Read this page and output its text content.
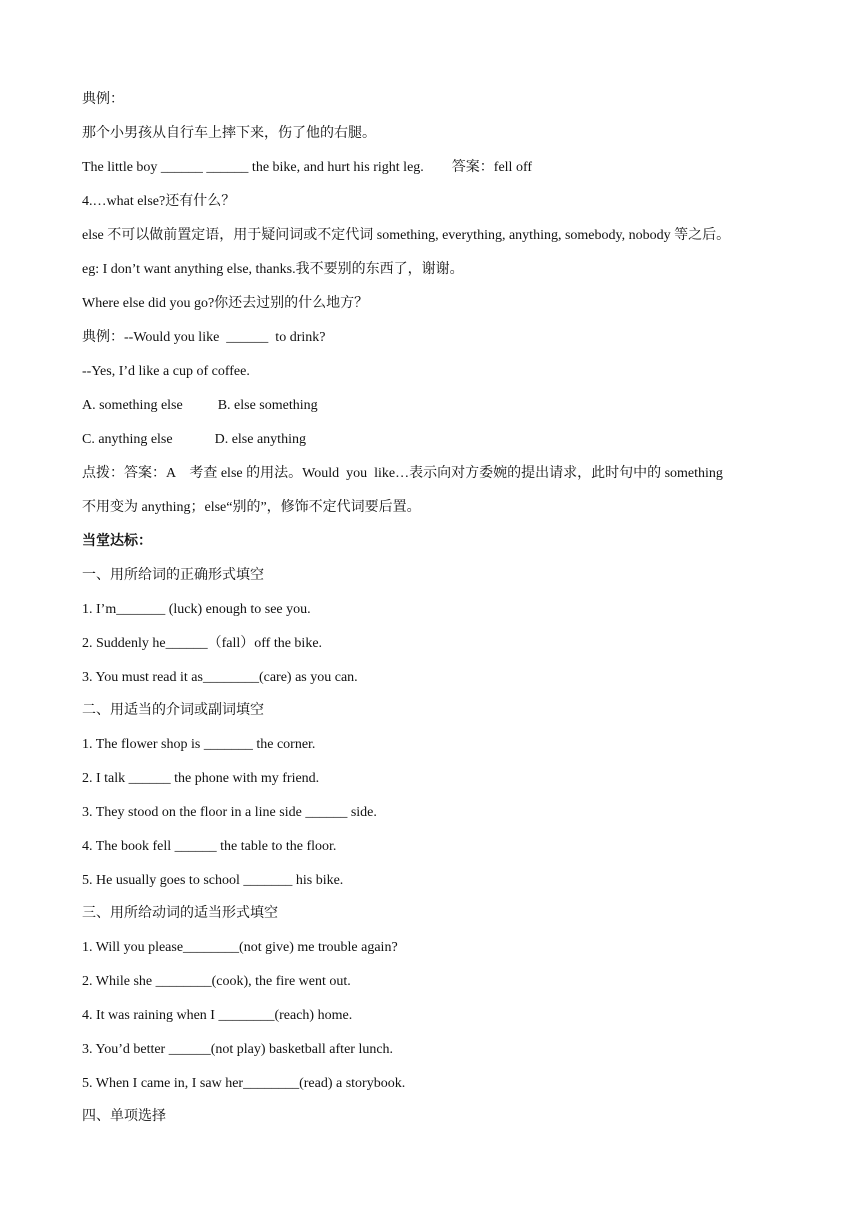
典例：
那个小男孩从自行车上摔下来，伤了他的右腿。
The little boy ______ ______ the bike, and hurt his right leg.        答案：fell off
4.…what else?还有什么？
else 不可以做前置定语，用于疑问词或不定代词 something, everything, anything, somebody, nobody 等之后。
eg: I don’t want anything else, thanks.我不要别的东西了，谢谢。
Where else did you go?你还去过别的什么地方？
典例：--Would you like  ______  to drink?
--Yes, I’d like a cup of coffee.
A. something else          B. else something
C. anything else            D. else anything
点拨：答案：A    考查 else 的用法。Would  you  like…表示向对方委婉的提出请求，此时句中的 something
不用变为 anything；else“别的”，修饰不定代词要后置。
当堂达标：
一、用所给词的正确形式填空
1. I’m_______ (luck) enough to see you.
2. Suddenly he______（fall）off the bike.
3. You must read it as________(care) as you can.
二、用适当的介词或副词填空
1. The flower shop is _______ the corner.
2. I talk ______ the phone with my friend.
3. They stood on the floor in a line side ______ side.
4. The book fell ______ the table to the floor.
5. He usually goes to school _______ his bike.
三、用所给动词的适当形式填空
1. Will you please________(not give) me trouble again?
2. While she ________(cook), the fire went out.
4. It was raining when I ________(reach) home.
3. You’d better ______(not play) basketball after lunch.
5. When I came in, I saw her________(read) a storybook.
四、单项选择
